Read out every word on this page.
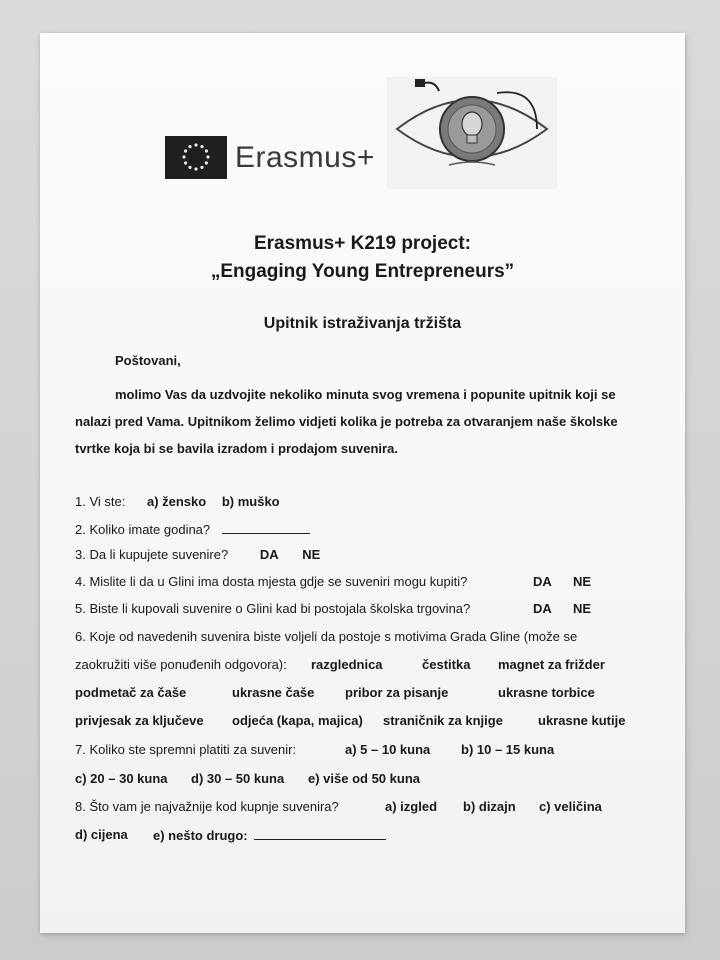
Erasmus+
Erasmus+ K219 project:
„Engaging Young Entrepreneurs”
Upitnik istraživanja tržišta
Poštovani,
molimo Vas da uzdvojite nekoliko minuta svog vremena i popunite upitnik koji se
nalazi pred Vama. Upitnikom želimo vidjeti kolika je potreba za otvaranjem naše školske
tvrtke koja bi se bavila izradom i prodajom suvenira.
1. Vi ste: a) žensko b) muško
2. Koliko imate godina?
3. Da li kupujete suvenire? DA NE
4. Mislite li da u Glini ima dosta mjesta gdje se suveniri mogu kupiti?	DA NE
5. Biste li kupovali suvenire o Glini kad bi postojala školska trgovina?	DA NE
6. Koje od navedenih suvenira biste voljeli da postoje s motivima Grada Gline (može se
zaokružiti više ponuđenih odgovora): razglednica	čestitka magnet za frižder
podmetač za čaše	ukrasne čaše pribor za pisanje	ukrasne torbice
privjesak za ključeve odjeća (kapa, majica) straničnik za knjige	ukrasne kutije
7. Koliko ste spremni platiti za suvenir:	a) 5 – 10 kuna b) 10 – 15 kuna
c) 20 – 30 kuna d) 30 – 50 kuna e) više od 50 kuna
8. Što vam je najvažnije kod kupnje suvenira?	a) izgled b) dizajn c) veličina
d) cijena e) nešto drugo:
